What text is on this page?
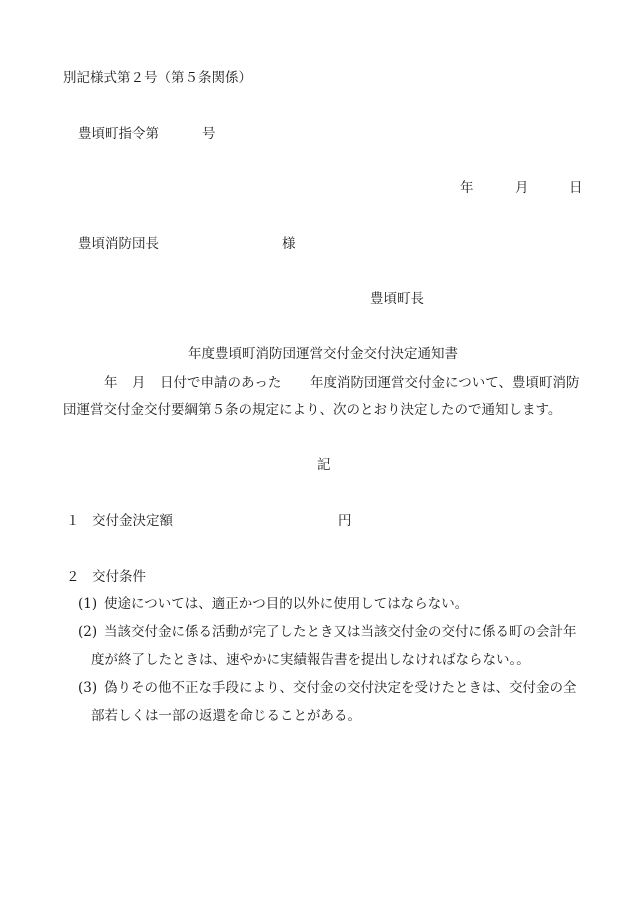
別記様式第２号（第５条関係）
豊頃町指令第	号
年	月	日
豊頃消防団長	様
豊頃町長
年度豊頃町消防団運営交付金交付決定通知書
年 月 日付で申請のあった 年度消防団運営交付金について、豊頃町消防
団運営交付金交付要綱第５条の規定により、次のとおり決定したので通知します。
記
１ 交付金決定額	円
２ 交付条件
(1) 使途については、適正かつ目的以外に使用してはならない。
(2) 当該交付金に係る活動が完了したとき又は当該交付金の交付に係る町の会計年
度が終了したときは、速やかに実績報告書を提出しなければならない。。
(3) 偽りその他不正な手段により、交付金の交付決定を受けたときは、交付金の全
部若しくは一部の返還を命じることがある。
